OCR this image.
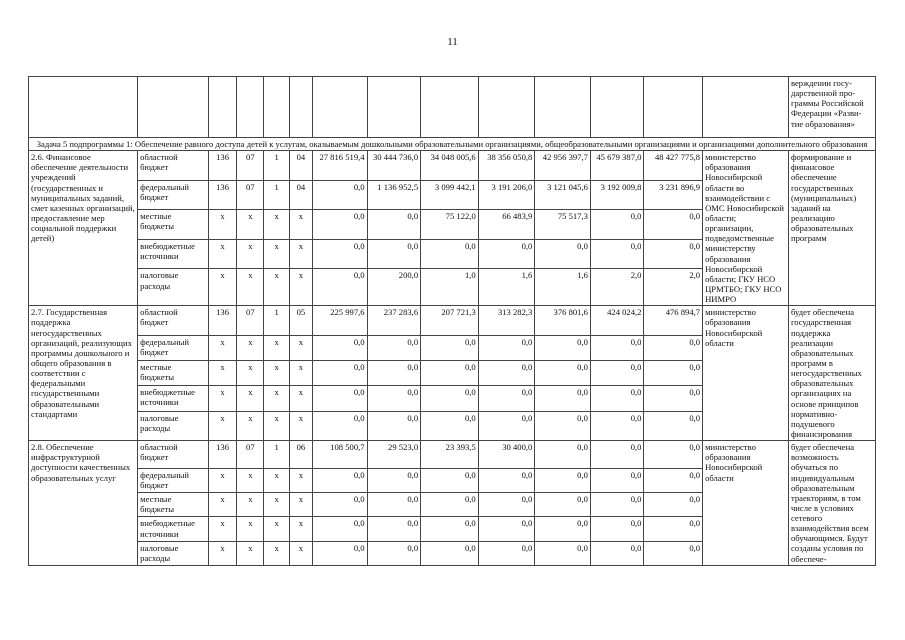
11
														верждении госу-дарственной про-граммы Российской Федерации «Разви-тие образования»
Задача 5 подпрограммы 1: Обеспечение равного доступа детей к услугам, оказываемым дошкольными образовательными организациями, общеобразовательными организациями и организациями дополнительного образования														
2.6. Финансовое обеспечение деятельности учреждений (государственных и муниципальных заданий, смет казенных организаций, предоставление мер социальной поддержки детей)	областной бюджет	136	07	1	04	27 816 519,4	30 444 736,0	34 048 005,6	38 356 050,8	42 956 397,7	45 679 387,0	48 427 775,8	министерство образования Новосибирской области во взаимодействии с ОМС Новосибирской области; организации, подведомственные министерству образования Новосибирской области; ГКУ НСО ЦРМТБО; ГКУ НСО НИМРО	формирование и финансовое обеспечение государственных (муниципальных) заданий на реализацию образовательных программ
	федеральный бюджет	136	07	1	04	0,0	1 136 952,5	3 099 442,1	3 191 206,0	3 121 045,6	3 192 009,8	3 231 896,9		
	местные бюджеты	х	х	х	х	0,0	0,0	75 122,0	66 483,9	75 517,3	0,0	0,0		
	внебюджетные источники	х	х	х	х	0,0	0,0	0,0	0,0	0,0	0,0	0,0		
	налоговые расходы	х	х	х	х	0,0	200,0	1,0	1,6	1,6	2,0	2,0		
2.7. Государственная поддержка негосударственных организаций, реализующих программы дошкольного и общего образования в соответствии с федеральными государственными образовательными стандартами	областной бюджет	136	07	1	05	225 997,6	237 283,6	207 721,3	313 282,3	376 801,6	424 024,2	476 894,7	министерство образования Новосибирской области	будет обеспечена государственная поддержка реализации образовательных программ в негосударственных образовательных организациях на основе принципов нормативно-подушевого финансирования
	федеральный бюджет	х	х	х	х	0,0	0,0	0,0	0,0	0,0	0,0	0,0		
	местные бюджеты	х	х	х	х	0,0	0,0	0,0	0,0	0,0	0,0	0,0		
	внебюджетные источники	х	х	х	х	0,0	0,0	0,0	0,0	0,0	0,0	0,0		
	налоговые расходы	х	х	х	х	0,0	0,0	0,0	0,0	0,0	0,0	0,0		
2.8. Обеспечение инфраструктурной доступности качественных образовательных услуг	областной бюджет	136	07	1	06	108 500,7	29 523,0	23 393,5	30 400,0	0,0	0,0	0,0	министерство образования Новосибирской области	будет обеспечена возможность обучаться по индивидуальным образовательным траекториям, в том числе в условиях сетевого взаимодействия всем обучающимся. Будут созданы условия по обеспече-
	федеральный бюджет	х	х	х	х	0,0	0,0	0,0	0,0	0,0	0,0	0,0		
	местные бюджеты	х	х	х	х	0,0	0,0	0,0	0,0	0,0	0,0	0,0		
	внебюджетные источники	х	х	х	х	0,0	0,0	0,0	0,0	0,0	0,0	0,0		
	налоговые расходы	х	х	х	х	0,0	0,0	0,0	0,0	0,0	0,0	0,0		
